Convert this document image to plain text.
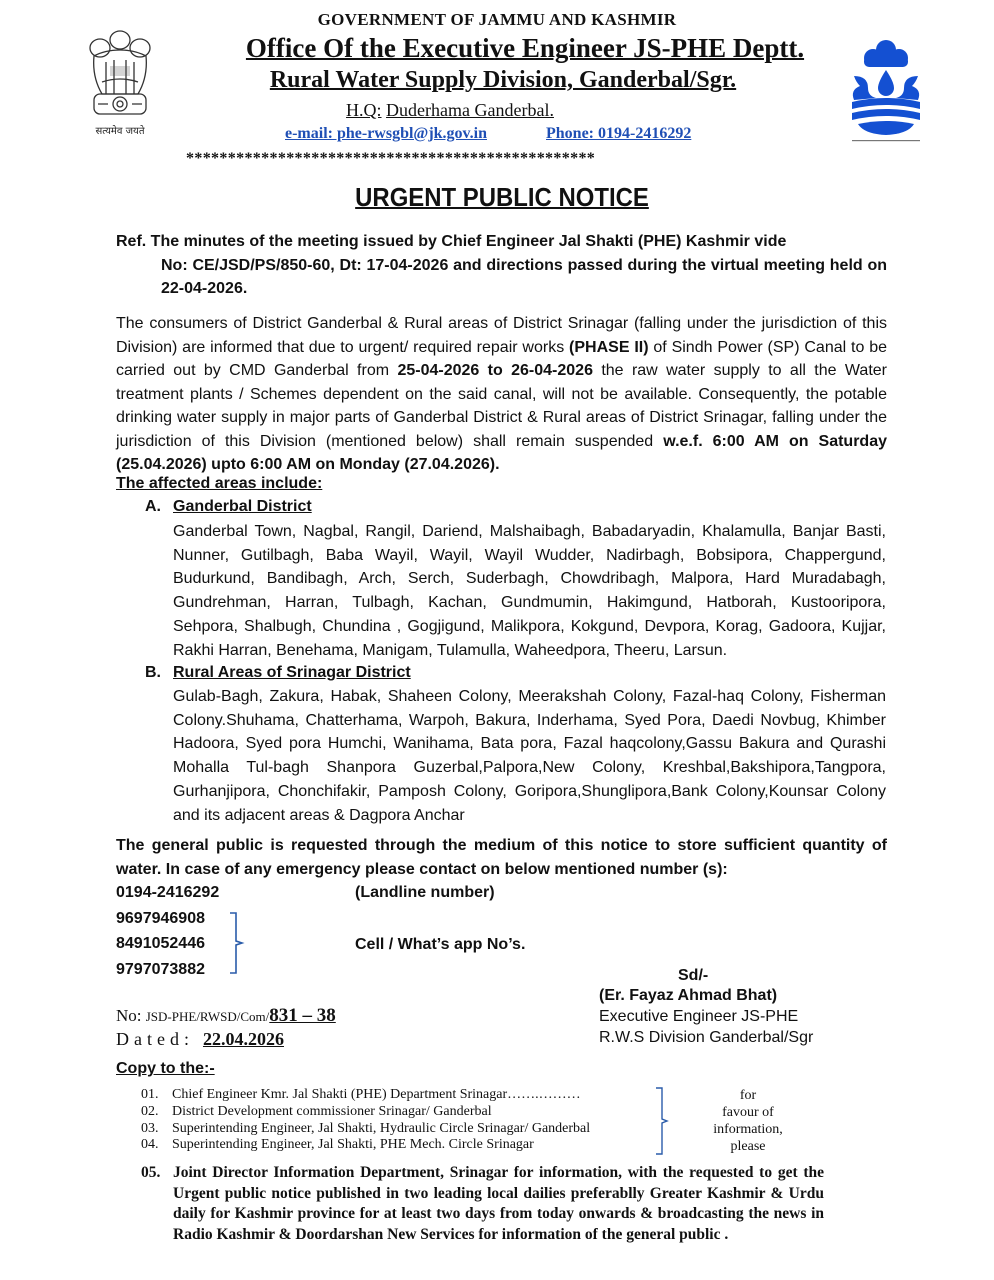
सत्यमेव जयते
GOVERNMENT OF JAMMU AND KASHMIR
Office Of the Executive Engineer JS-PHE Deptt.
Rural Water Supply Division, Ganderbal/Sgr.
H.Q: Duderhama Ganderbal.
e-mail: phe-rwsgbl@jk.gov.in	Phone: 0194-2416292
*************************************************
URGENT PUBLIC NOTICE
Ref. The minutes of the meeting issued by Chief Engineer Jal Shakti (PHE) Kashmir vide
No: CE/JSD/PS/850-60, Dt: 17-04-2026 and directions passed during the virtual meeting held on 22-04-2026.
The consumers of District Ganderbal & Rural areas of District Srinagar (falling under the jurisdiction of this Division) are informed that due to urgent/ required repair works (PHASE II) of Sindh Power (SP) Canal to be carried out by CMD Ganderbal from 25-04-2026 to 26-04-2026 the raw water supply to all the Water treatment plants / Schemes dependent on the said canal, will not be available. Consequently, the potable drinking water supply in major parts of Ganderbal District & Rural areas of District Srinagar, falling under the jurisdiction of this Division (mentioned below) shall remain suspended w.e.f. 6:00 AM on Saturday (25.04.2026) upto 6:00 AM on Monday (27.04.2026).
The affected areas include:
A. Ganderbal District
Ganderbal Town, Nagbal, Rangil, Dariend, Malshaibagh, Babadaryadin, Khalamulla, Banjar Basti, Nunner, Gutilbagh, Baba Wayil, Wayil, Wayil Wudder, Nadirbagh, Bobsipora, Chappergund, Budurkund, Bandibagh, Arch, Serch, Suderbagh, Chowdribagh, Malpora, Hard Muradabagh, Gundrehman, Harran, Tulbagh, Kachan, Gundmumin, Hakimgund, Hatborah, Kustooripora, Sehpora, Shalbugh, Chundina , Gogjigund, Malikpora, Kokgund, Devpora, Korag, Gadoora, Kujjar, Rakhi Harran, Benehama, Manigam, Tulamulla, Waheedpora, Theeru, Larsun.
B. Rural Areas of Srinagar District
Gulab-Bagh, Zakura, Habak, Shaheen Colony, Meerakshah Colony, Fazal-haq Colony, Fisherman Colony.Shuhama, Chatterhama, Warpoh, Bakura, Inderhama, Syed Pora, Daedi Novbug, Khimber Hadoora, Syed pora Humchi, Wanihama, Bata pora, Fazal haqcolony,Gassu Bakura and Qurashi Mohalla Tul-bagh Shanpora Guzerbal,Palpora,New Colony, Kreshbal,Bakshipora,Tangpora, Gurhanjipora, Chonchifakir, Pamposh Colony, Goripora,Shunglipora,Bank Colony,Kounsar Colony and its adjacent areas & Dagpora Anchar
The general public is requested through the medium of this notice to store sufficient quantity of water. In case of any emergency please contact on below mentioned number (s):
0194-2416292	(Landline number)
9697946908
8491052446
9797073882
Cell / What’s app No’s.
Sd/-
(Er. Fayaz Ahmad Bhat)
Executive Engineer JS-PHE
R.W.S Division Ganderbal/Sgr
No: JSD-PHE/RWSD/Com/831 – 38
Dated: 22.04.2026
Copy to the:-
01. Chief Engineer Kmr. Jal Shakti (PHE) Department Srinagar…….………
02. District Development commissioner Srinagar/ Ganderbal
03. Superintending Engineer, Jal Shakti, Hydraulic Circle Srinagar/ Ganderbal
04. Superintending Engineer, Jal Shakti, PHE Mech. Circle Srinagar
for
favour of
information,
please
05. Joint Director Information Department, Srinagar for information, with the requested to get the Urgent public notice published in two leading local dailies preferablly Greater Kashmir & Urdu daily for Kashmir province for at least two days from today onwards & broadcasting the news in Radio Kashmir & Doordarshan New Services for information of the general public .
